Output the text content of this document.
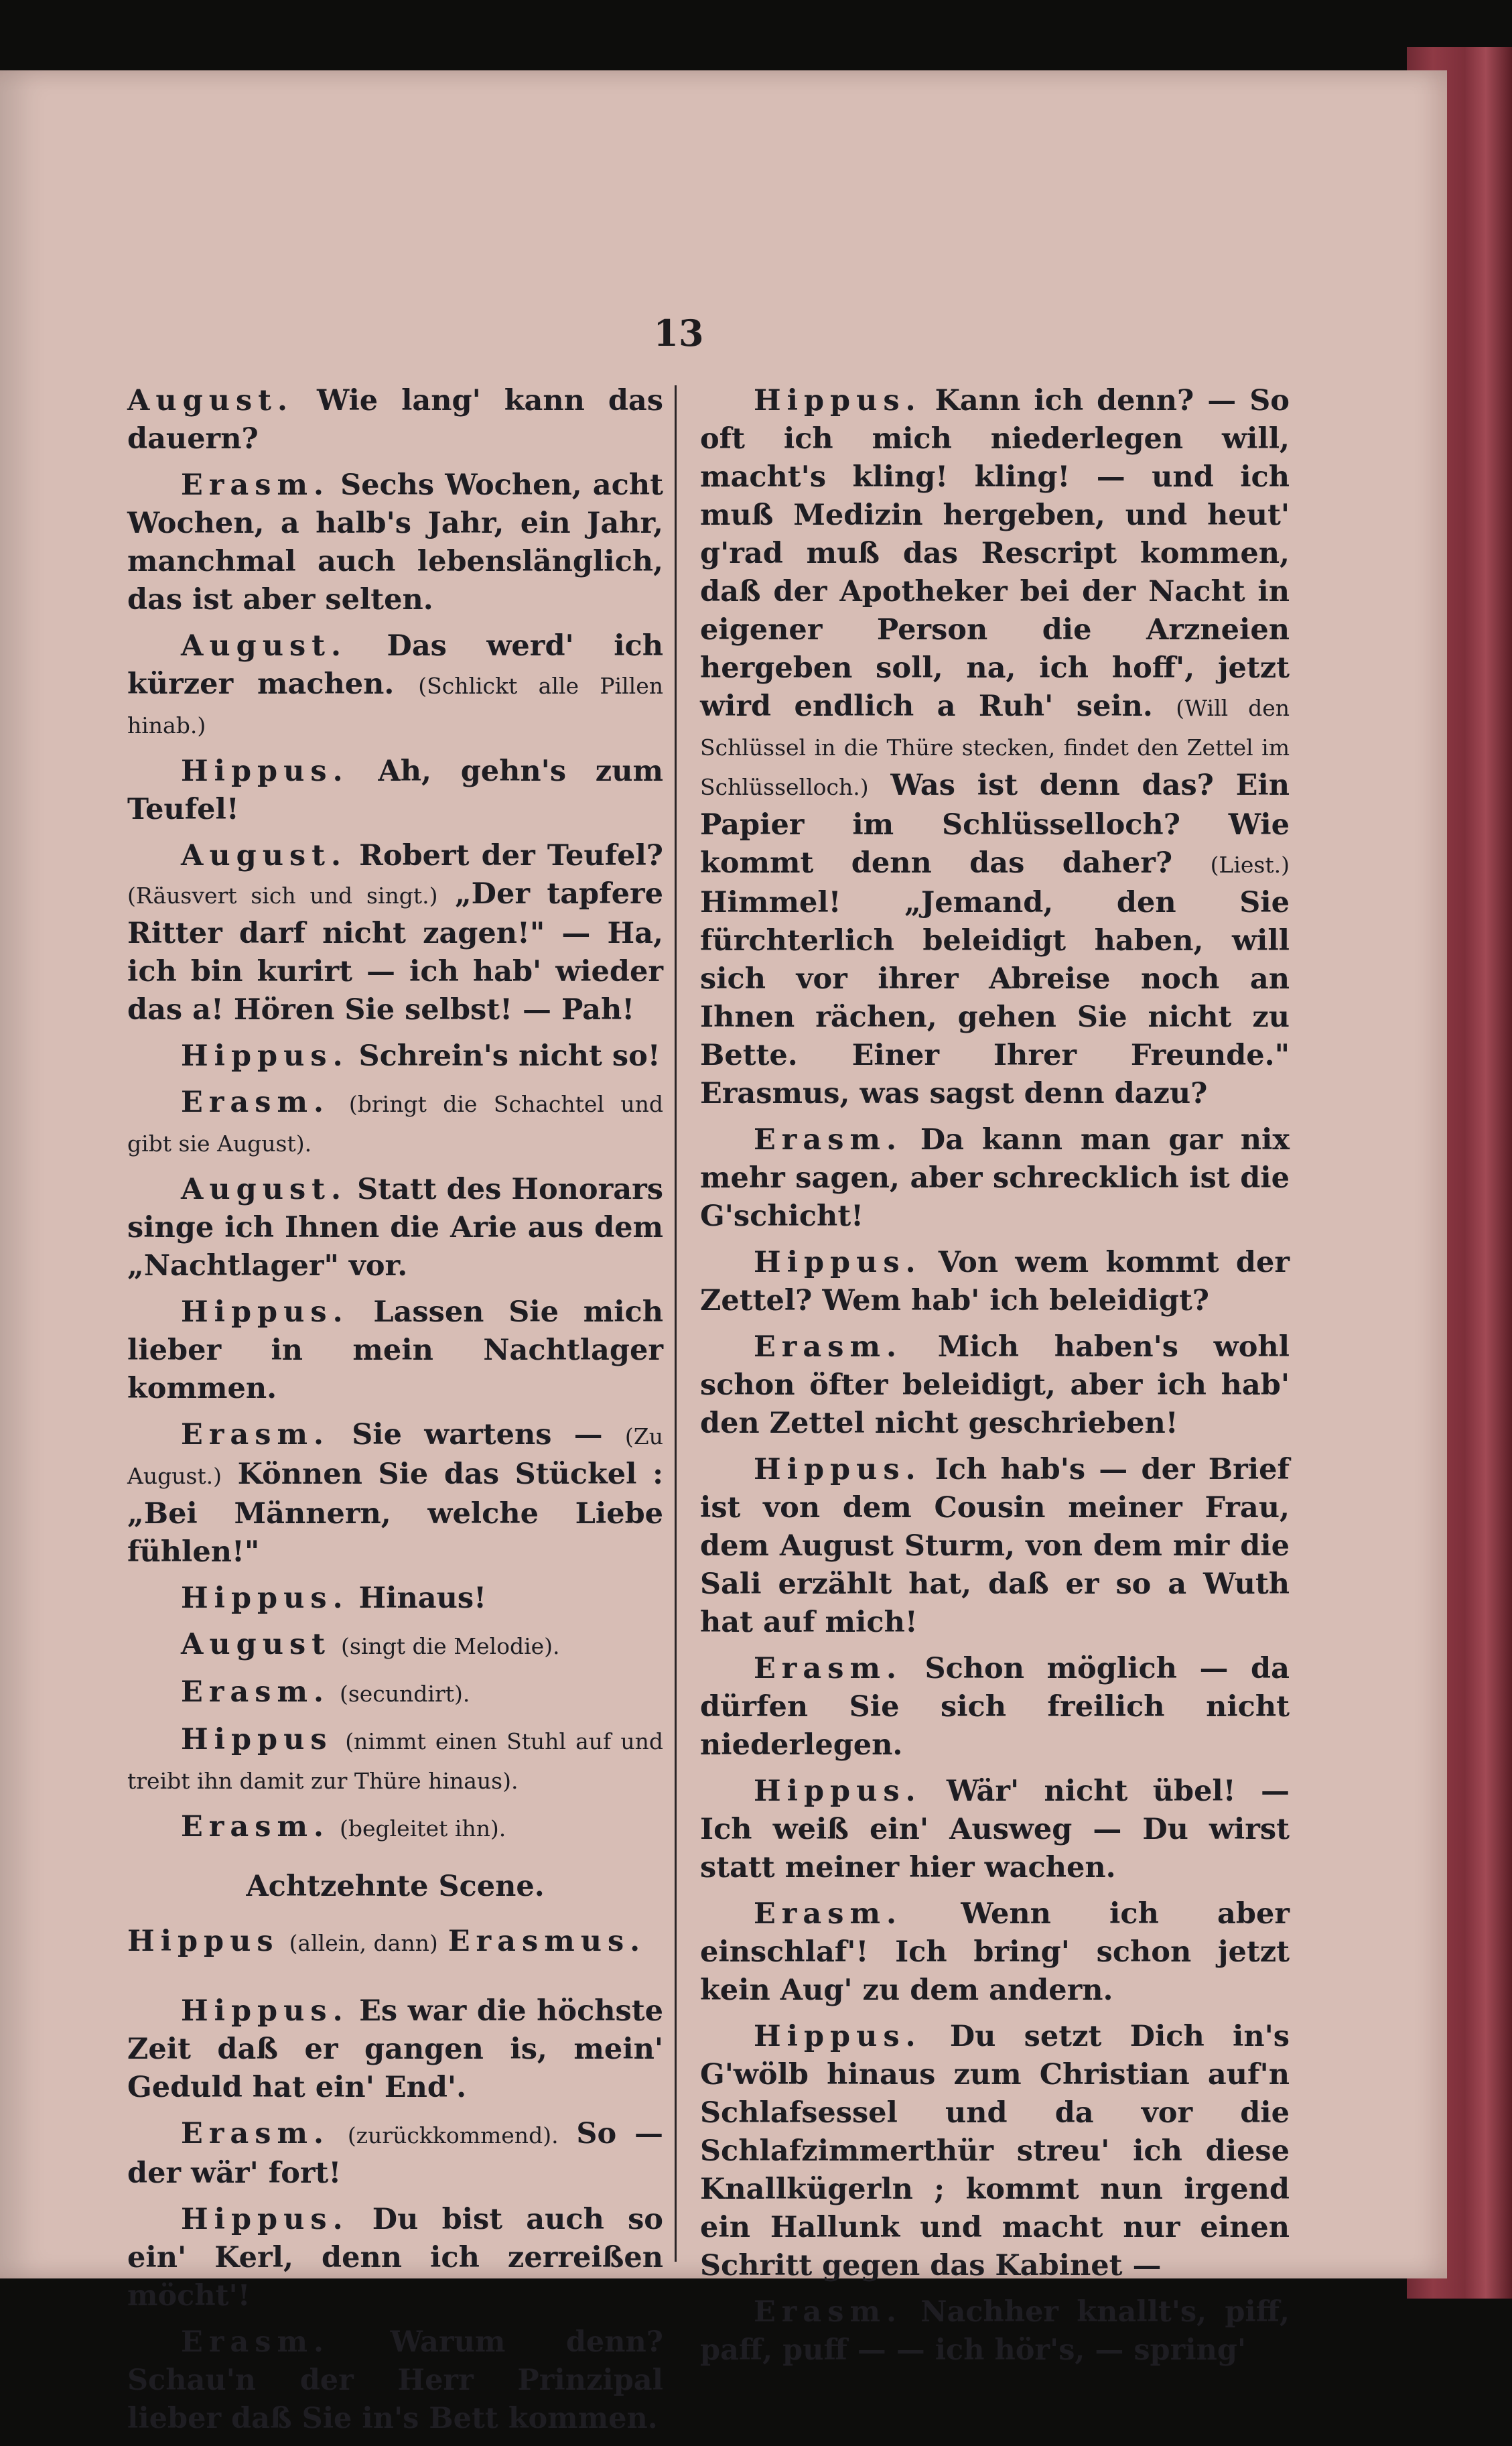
13

August. Wie lang' kann das dauern?

Erasm. Sechs Wochen, acht Wochen, a halb's Jahr, ein Jahr, manchmal auch lebenslänglich, das ist aber selten.

August. Das werd' ich kürzer machen. (Schlickt alle Pillen hinab.)

Hippus. Ah, gehn's zum Teufel!

August. Robert der Teufel? (Räusvert sich und singt.) „Der tapfere Ritter darf nicht zagen!" — Ha, ich bin kurirt — ich hab' wieder das a! Hören Sie selbst! — Pah!

Hippus. Schrein's nicht so!

Erasm. (bringt die Schachtel und gibt sie August).

August. Statt des Honorars singe ich Ihnen die Arie aus dem „Nachtlager" vor.

Hippus. Lassen Sie mich lieber in mein Nachtlager kommen.

Erasm. Sie wartens — (Zu August.) Können Sie das Stückel : „Bei Männern, welche Liebe fühlen!"

Hippus. Hinaus!

August (singt die Melodie).

Erasm. (secundirt).

Hippus (nimmt einen Stuhl auf und treibt ihn damit zur Thüre hinaus).

Erasm. (begleitet ihn).

Achtzehnte Scene.

Hippus (allein, dann) Erasmus.

Hippus. Es war die höchste Zeit daß er gangen is, mein' Geduld hat ein' End'.

Erasm. (zurückkommend). So — der wär' fort!

Hippus. Du bist auch so ein' Kerl, denn ich zerreißen möcht'!

Erasm. Warum denn? Schau'n der Herr Prinzipal lieber daß Sie in's Bett kommen.

Hippus. Kann ich denn? — So oft ich mich niederlegen will, macht's kling! kling! — und ich muß Medizin hergeben, und heut' g'rad muß das Rescript kommen, daß der Apotheker bei der Nacht in eigener Person die Arzneien hergeben soll, na, ich hoff', jetzt wird endlich a Ruh' sein. (Will den Schlüssel in die Thüre stecken, findet den Zettel im Schlüsselloch.) Was ist denn das? Ein Papier im Schlüsselloch? Wie kommt denn das daher? (Liest.) Himmel! „Jemand, den Sie fürchterlich beleidigt haben, will sich vor ihrer Abreise noch an Ihnen rächen, gehen Sie nicht zu Bette. Einer Ihrer Freunde." Erasmus, was sagst denn dazu?

Erasm. Da kann man gar nix mehr sagen, aber schrecklich ist die G'schicht!

Hippus. Von wem kommt der Zettel? Wem hab' ich beleidigt?

Erasm. Mich haben's wohl schon öfter beleidigt, aber ich hab' den Zettel nicht geschrieben!

Hippus. Ich hab's — der Brief ist von dem Cousin meiner Frau, dem August Sturm, von dem mir die Sali erzählt hat, daß er so a Wuth hat auf mich!

Erasm. Schon möglich — da dürfen Sie sich freilich nicht niederlegen.

Hippus. Wär' nicht übel! — Ich weiß ein' Ausweg — Du wirst statt meiner hier wachen.

Erasm. Wenn ich aber einschlaf'! Ich bring' schon jetzt kein Aug' zu dem andern.

Hippus. Du setzt Dich in's G'wölb hinaus zum Christian auf'n Schlafsessel und da vor die Schlafzimmerthür streu' ich diese Knallkügerln ; kommt nun irgend ein Hallunk und macht nur einen Schritt gegen das Kabinet —

Erasm. Nachher knallt's, piff, paff, puff — — ich hör's, — spring'
